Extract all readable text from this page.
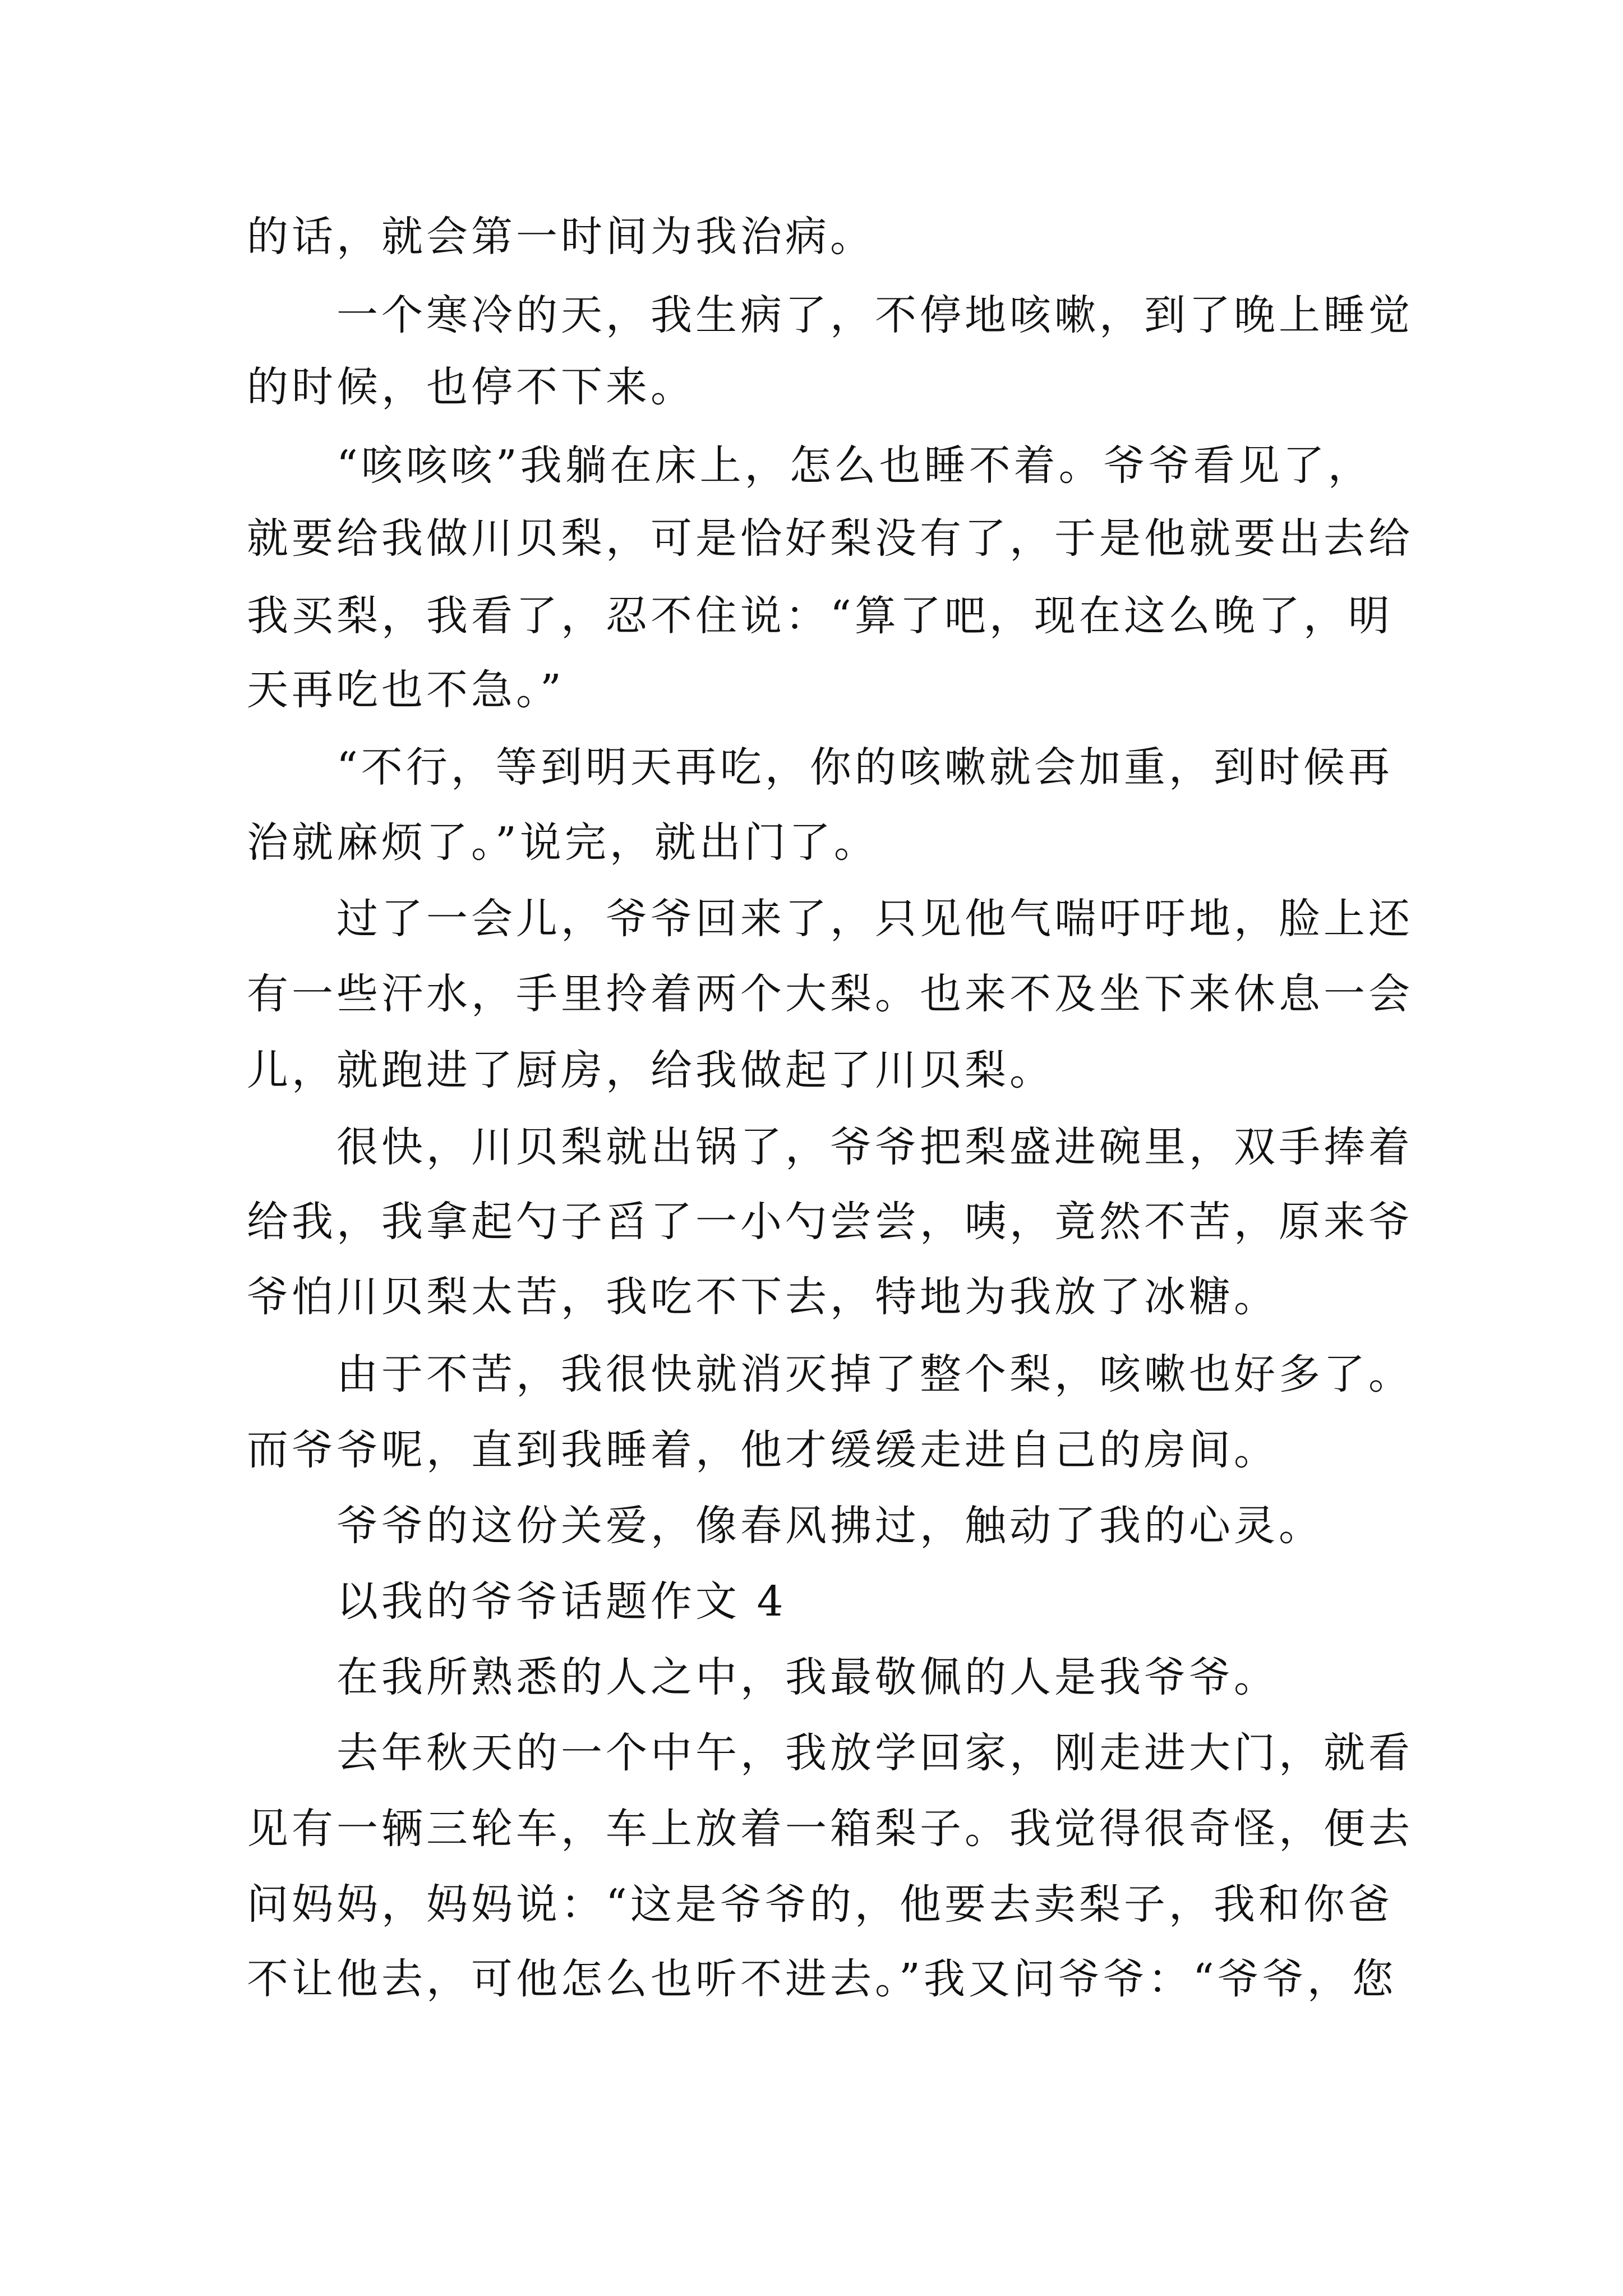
的话，就会第一时间为我治病。
一个寒冷的天，我生病了，不停地咳嗽，到了晚上睡觉
的时候，也停不下来。
“咳咳咳”我躺在床上，怎么也睡不着。爷爷看见了，
就要给我做川贝梨，可是恰好梨没有了，于是他就要出去给
我买梨，我看了，忍不住说：“算了吧，现在这么晚了，明
天再吃也不急。”
“不行，等到明天再吃，你的咳嗽就会加重，到时候再
治就麻烦了。”说完，就出门了。
过了一会儿，爷爷回来了，只见他气喘吁吁地，脸上还
有一些汗水，手里拎着两个大梨。也来不及坐下来休息一会
儿，就跑进了厨房，给我做起了川贝梨。
很快，川贝梨就出锅了，爷爷把梨盛进碗里，双手捧着
给我，我拿起勺子舀了一小勺尝尝，咦，竟然不苦，原来爷
爷怕川贝梨太苦，我吃不下去，特地为我放了冰糖。
由于不苦，我很快就消灭掉了整个梨，咳嗽也好多了。
而爷爷呢，直到我睡着，他才缓缓走进自己的房间。
爷爷的这份关爱，像春风拂过，触动了我的心灵。
以我的爷爷话题作文 4
在我所熟悉的人之中，我最敬佩的人是我爷爷。
去年秋天的一个中午，我放学回家，刚走进大门，就看
见有一辆三轮车，车上放着一箱梨子。我觉得很奇怪，便去
问妈妈，妈妈说：“这是爷爷的，他要去卖梨子，我和你爸
不让他去，可他怎么也听不进去。”我又问爷爷：“爷爷，您
